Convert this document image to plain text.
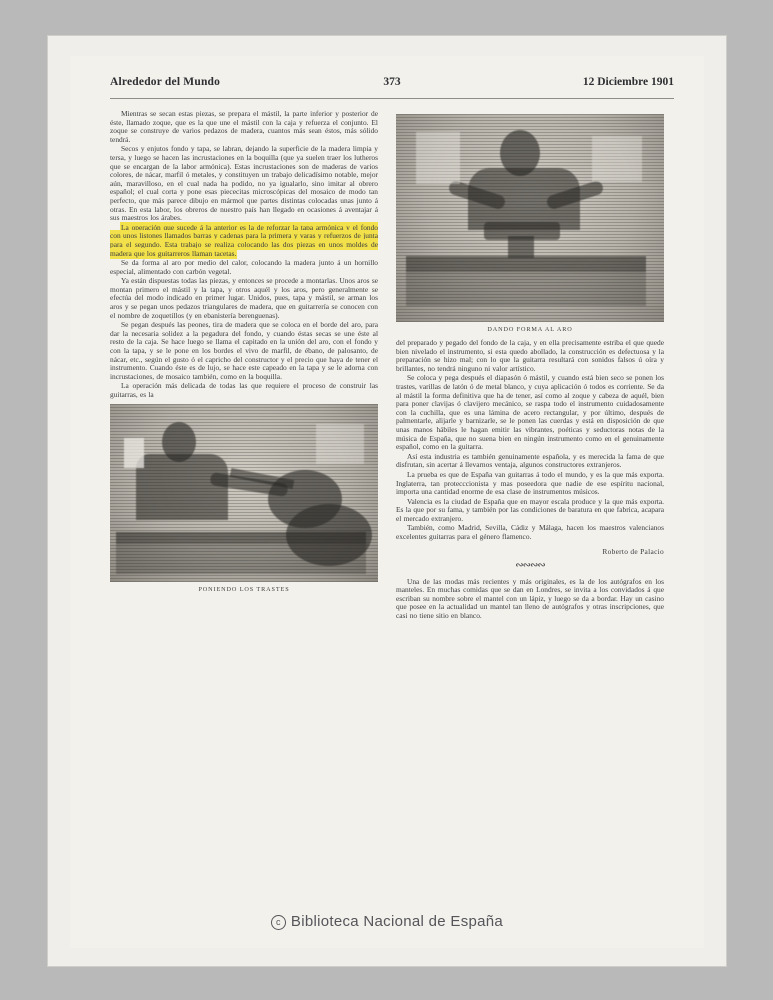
Alrededor del Mundo	373	12 Diciembre 1901

Mientras se secan estas piezas, se prepara el mástil, la parte inferior y posterior de éste, llamado zoque, que es la que une el mástil con la caja y refuerza el conjunto. El zoque se construye de varios pedazos de madera, cuantos más sean éstos, más sólido tendrá.

Secos y enjutos fondo y tapa, se labran, dejando la superficie de la madera limpia y tersa, y luego se hacen las incrustaciones en la boquilla (que ya suelen traer los lutheros que se encargan de la labor armónica). Estas incrustaciones son de maderas de varios colores, de nácar, marfil ó metales, y constituyen un trabajo delicadísimo notable, mejor aún, maravilloso, en el cual nada ha podido, no ya igualarlo, sino imitar al obrero español; el cual corta y pone esas piececitas microscópicas del mosaico de modo tan perfecto, que más parece dibujo en mármol que partes distintas colocadas unas junto á otras. En esta labor, los obreros de nuestro país han llegado en ocasiones á aventajar á sus maestros los árabes.

La operación que sucede á la anterior es la de reforzar la tapa armónica y el fondo con unos listones llamados barras y cadenas para la primera y varas y refuerzos de junta para el segundo. Esta trabajo se realiza colocando las dos piezas en unos moldes de madera que los guitarreros llaman tacetas.

Se da forma al aro por medio del calor, colocando la madera junto á un hornillo especial, alimentado con carbón vegetal.

Ya están dispuestas todas las piezas, y entonces se procede a montarlas. Unos aros se montan primero el mástil y la tapa, y otros aquél y los aros, pero generalmente se efectúa del modo indicado en primer lugar. Unidos, pues, tapa y mástil, se arman los aros y se pegan unos pedazos triangulares de madera, que en guitarrería se conocen con el nombre de zoquetillos (y en ebanistería berenguenas).

Se pegan después las peones, tira de madera que se coloca en el borde del aro, para dar la necesaria solidez a la pegadura del fondo, y cuando éstas secas se une éste al resto de la caja. Se hace luego se llama el capitado en la unión del aro, con el fondo y con la tapa, y se le pone en los bordes el vivo de marfil, de ébano, de palosanto, de nácar, etc., según el gusto ó el capricho del constructor y el precio que haya de tener el instrumento. Cuando éste es de lujo, se hace este capeado en la tapa y se le adorna con incrustaciones, de mosaico también, como en la boquilla.

La operación más delicada de todas las que requiere el proceso de construir las guitarras, es la

PONIENDO LOS TRASTES
DANDO FORMA AL ARO

del preparado y pegado del fondo de la caja, y en ella precisamente estriba el que quede bien nivelado el instrumento, si esta quedo abollado, la construcción es defectuosa y la preparación se hizo mal; con lo que la guitarra resultará con sonidos falsos ú oíra y brillantes, no tendrá ninguno ni valor artístico.

Se coloca y pega después el diapasón ó mástil, y cuando está bien seco se ponen los trastes, varillas de latón ó de metal blanco, y cuya aplicación ó todos es corriente. Se da al mástil la forma definitiva que ha de tener, así como al zoque y cabeza de aquél, bien para poner clavijas ó clavijero mecánico, se raspa todo el instrumento cuidadosamente con la cuchilla, que es una lámina de acero rectangular, y por último, después de palmentarle, alijarle y barnizarle, se le ponen las cuerdas y está en disposición de que unas manos hábiles le hagan emitir las vibrantes, poéticas y seductoras notas de la música de España, que no suena bien en ningún instrumento como en el genuinamente español, como en la guitarra.

Así esta industria es también genuinamente española, y es merecida la fama de que disfrutan, sin acertar á llevarnos ventaja, algunos constructores extranjeros.

La prueba es que de España van guitarras á todo el mundo, y es la que más exporta. Inglaterra, tan protecccionista y mas poseedora que nadie de ese espíritu nacional, importa una cantidad enorme de esa clase de instrumentos músicos.

Valencia es la ciudad de España que en mayor escala produce y la que más exporta. Es la que por su fama, y también por las condiciones de baratura en que fabrica, acapara el mercado extranjero.

También, como Madrid, Sevilla, Cádiz y Málaga, hacen los maestros valencianos excelentes guitarras para el género flamenco.

Roberto de Palacio
∾∾∾∾

Una de las modas más recientes y más originales, es la de los autógrafos en los manteles. En muchas comidas que se dan en Londres, se invita a los convidados á que escriban su nombre sobre el mantel con un lápiz, y luego se da a bordar. Hay un casino que posee en la actualidad un mantel tan lleno de autógrafos y otras inscripciones, que casi no tiene sitio en blanco.

c Biblioteca Nacional de España
